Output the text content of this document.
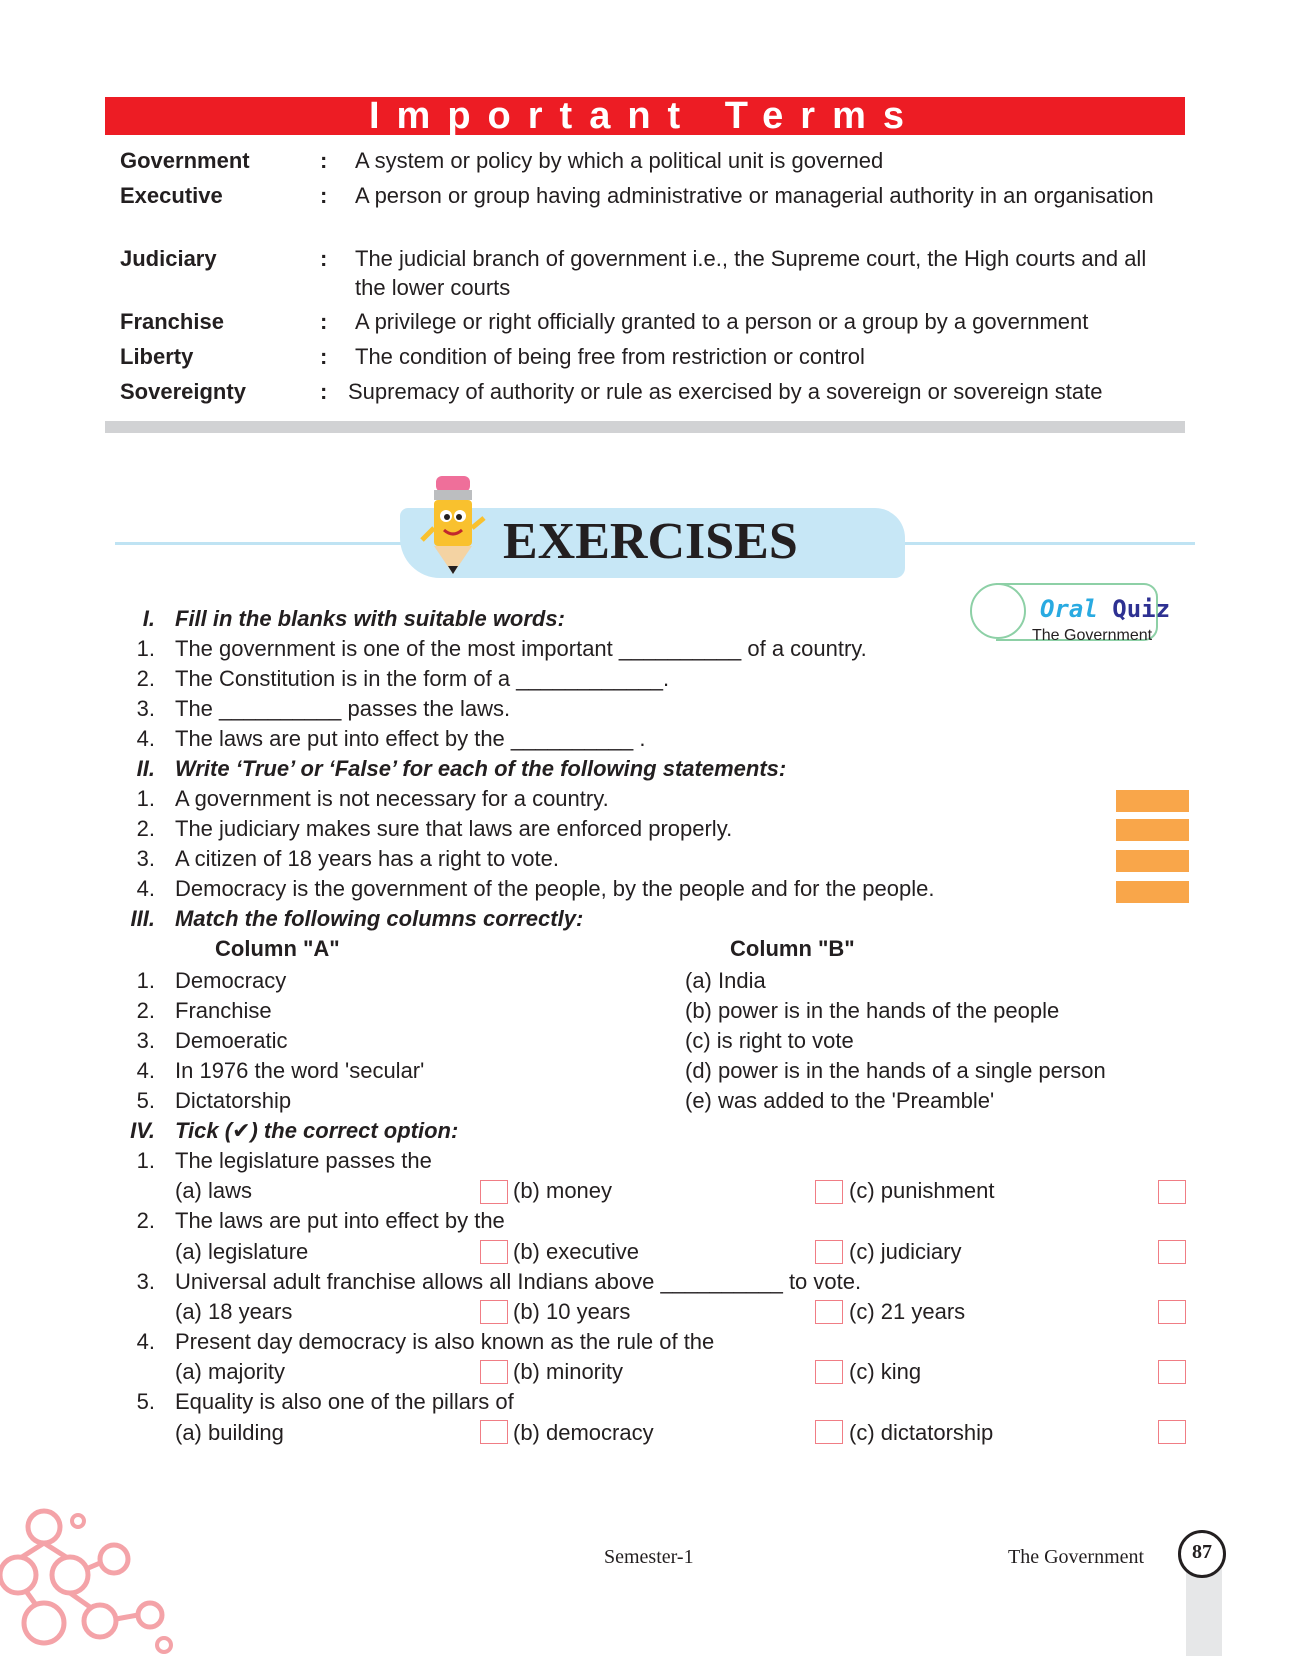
Important Terms
Government	: A system or policy by which a political unit is governed
Executive	: A person or group having administrative or managerial authority in an organisation
Judiciary	: The judicial branch of government i.e., the Supreme court, the High courts and all the lower courts
Franchise	: A privilege or right officially granted to a person or a group by a government
Liberty	: The condition of being free from restriction or control
Sovereignty	: Supremacy of authority or rule as exercised by a sovereign or sovereign state
EXERCISES
Oral Quiz
The Government
I. Fill in the blanks with suitable words:
1. The government is one of the most important __________ of a country.
2. The Constitution is in the form of a ____________.
3. The __________ passes the laws.
4. The laws are put into effect by the __________ .
II. Write ‘True’ or ‘False’ for each of the following statements:
1. A government is not necessary for a country.
2. The judiciary makes sure that laws are enforced properly.
3. A citizen of 18 years has a right to vote.
4. Democracy is the government of the people, by the people and for the people.
III. Match the following columns correctly:
Column "A"	Column "B"
1. Democracy	(a) India
2. Franchise	(b) power is in the hands of the people
3. Demoeratic	(c) is right to vote
4. In 1976 the word 'secular'	(d) power is in the hands of a single person
5. Dictatorship	(e) was added to the 'Preamble'
IV. Tick (✔) the correct option:
1. The legislature passes the
(a) laws	(b) money	(c) punishment
2. The laws are put into effect by the
(a) legislature	(b) executive	(c) judiciary
3. Universal adult franchise allows all Indians above __________ to vote.
(a) 18 years	(b) 10 years	(c) 21 years
4. Present day democracy is also known as the rule of the
(a) majority	(b) minority	(c) king
5. Equality is also one of the pillars of
(a) building	(b) democracy	(c) dictatorship
Semester-1	The Government	87
